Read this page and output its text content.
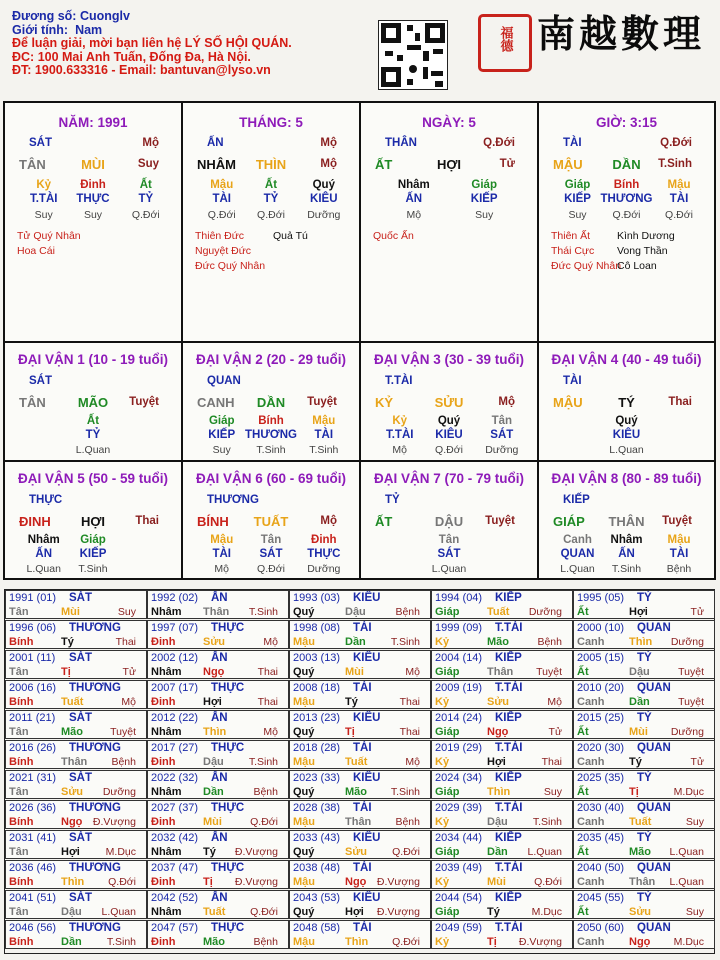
Đương số: Cuonglv
Giới tính: Nam
Để luận giải, mời bạn liên hệ LÝ SỐ HỘI QUÁN.
ĐC: 100 Mai Anh Tuấn, Đống Đa, Hà Nội.
ĐT: 1900.633316 - Email: bantuvan@lyso.vn
福德 南越數理
NĂM: 1991
SÁT	Mộ
TÂN	MÙI	Suy
Kỷ
T.TÀI
Suy
Đinh
THỰC
Suy
Ất
TỶ
Q.Đới
Tử Quý Nhân
Hoa Cái
THÁNG: 5
ẤN	Mộ
NHÂM THÌN	Mộ
Mậu
TÀI
Q.Đới
Ất
TỶ
Q.Đới
Quý
KIÊU
Dưỡng
Thiên Đức	Quả Tú
Nguyệt Đức
Đức Quý Nhân
NGÀY: 5
THÂN	Q.Đới
ẤT	HỢI	Tử
Nhâm
ẤN
Mộ
Giáp
KIẾP
Suy
Quốc Ấn
GIỜ: 3:15
TÀI	Q.Đới
MẬU DẦN T.Sinh
Giáp
KIẾP
Suy
Bính
THƯƠNG
Q.Đới
Mậu
TÀI
Q.Đới
Thiên Ất	Kình Dương
Thái Cực Vong Thần
Đức Quý Nhân
Cô Loan
ĐẠI VẬN 1 (10 - 19 tuổi)
SÁT
TÂN MÃO Tuyệt
Ất
TỶ
L.Quan
ĐẠI VẬN 2 (20 - 29 tuổi)
QUAN
CANH DẦN Tuyệt
Giáp
KIẾP
Suy
Bính
THƯƠNG
T.Sinh
Mậu
TÀI
T.Sinh
ĐẠI VẬN 3 (30 - 39 tuổi)
T.TÀI
KỶ	SỬU	Mộ
Kỷ
T.TÀI
Mộ
Quý
KIÊU
Q.Đới
Tân
SÁT
Dưỡng
ĐẠI VẬN 4 (40 - 49 tuổi)
TÀI
MẬU	TÝ	Thai
Quý
KIÊU
L.Quan
ĐẠI VẬN 5 (50 - 59 tuổi)
THỰC
ĐINH HỢI	Thai
Nhâm
ẤN
L.Quan
Giáp
KIẾP
T.Sinh
ĐẠI VẬN 6 (60 - 69 tuổi)
THƯƠNG
BÍNH TUẤT	Mộ
Mậu
TÀI
Mộ
Tân
SÁT
Q.Đới
Đinh
THỰC
Dưỡng
ĐẠI VẬN 7 (70 - 79 tuổi)
TỶ
ẤT	DẬU Tuyệt
Tân
SÁT
L.Quan
ĐẠI VẬN 8 (80 - 89 tuổi)
KIẾP
GIÁP THÂN Tuyệt
Canh
QUAN
L.Quan
Nhâm
ẤN
T.Sinh
Mậu
TÀI
Bệnh
1991 (01) SÁT
Tân	Mùi	Suy
1992 (02) ẤN
Nhâm Thân T.Sinh
1993 (03) KIÊU
Quý	Dậu	Bệnh
1994 (04) KIẾP
Giáp	Tuất Dưỡng
1995 (05) TỶ
Ất	Hợi	Tử
1996 (06) THƯƠNG
Bính	Tý	Thai
1997 (07) THỰC
Đinh	Sửu	Mộ
1998 (08) TÀI
Mậu	Dần T.Sinh
1999 (09) T.TÀI
Kỷ	Mão	Bệnh
2000 (10) QUAN
Canh Thìn Dưỡng
2001 (11) SÁT
Tân	Tị	Tử
2002 (12) ẤN
Nhâm Ngọ	Thai
2003 (13) KIÊU
Quý	Mùi	Mộ
2004 (14) KIẾP
Giáp	Thân Tuyệt
2005 (15) TỶ
Ất	Dậu	Tuyệt
2006 (16) THƯƠNG
Bính	Tuất	Mộ
2007 (17) THỰC
Đinh	Hợi	Thai
2008 (18) TÀI
Mậu	Tý	Thai
2009 (19) T.TÀI
Kỷ	Sửu	Mộ
2010 (20) QUAN
Canh Dần	Tuyệt
2011 (21) SÁT
Tân	Mão	Tuyệt
2012 (22) ẤN
Nhâm Thìn	Mộ
2013 (23) KIÊU
Quý	Tị	Thai
2014 (24) KIẾP
Giáp	Ngọ	Tử
2015 (25) TỶ
Ất	Mùi Dưỡng
2016 (26) THƯƠNG
Bính	Thân Bệnh
2017 (27) THỰC
Đinh	Dậu T.Sinh
2018 (28) TÀI
Mậu	Tuất	Mộ
2019 (29) T.TÀI
Kỷ	Hợi	Thai
2020 (30) QUAN
Canh Tý	Tử
2021 (31) SÁT
Tân	Sửu Dưỡng
2022 (32) ẤN
Nhâm Dần	Bệnh
2023 (33) KIÊU
Quý	Mão T.Sinh
2024 (34) KIẾP
Giáp	Thìn	Suy
2025 (35) TỶ
Ất	Tị	M.Dục
2026 (36) THƯƠNG
Bính	Ngọ Đ.Vượng
2027 (37) THỰC
Đinh	Mùi	Q.Đới
2028 (38) TÀI
Mậu	Thân Bệnh
2029 (39) T.TÀI
Kỷ	Dậu T.Sinh
2030 (40) QUAN
Canh Tuất	Suy
2031 (41) SÁT
Tân	Hợi M.Dục
2032 (42) ẤN
Nhâm Tý Đ.Vượng
2033 (43) KIÊU
Quý	Sửu Q.Đới
2034 (44) KIẾP
Giáp	Dần L.Quan
2035 (45) TỶ
Ất	Mão L.Quan
2036 (46) THƯƠNG
Bính	Thìn Q.Đới
2037 (47) THỰC
Đinh	Tị Đ.Vượng
2038 (48) TÀI
Mậu	Ngọ Đ.Vượng
2039 (49) T.TÀI
Kỷ	Mùi	Q.Đới
2040 (50) QUAN
Canh Thân L.Quan
2041 (51) SÁT
Tân	Dậu L.Quan
2042 (52) ẤN
Nhâm Tuất Q.Đới
2043 (53) KIÊU
Quý	Hợi Đ.Vượng
2044 (54) KIẾP
Giáp	Tý	M.Dục
2045 (55) TỶ
Ất	Sửu	Suy
2046 (56) THƯƠNG
Bính	Dần T.Sinh
2047 (57) THỰC
Đinh	Mão	Bệnh
2048 (58) TÀI
Mậu	Thìn Q.Đới
2049 (59) T.TÀI
Kỷ	Tị Đ.Vượng
2050 (60) QUAN
Canh Ngọ M.Dục
